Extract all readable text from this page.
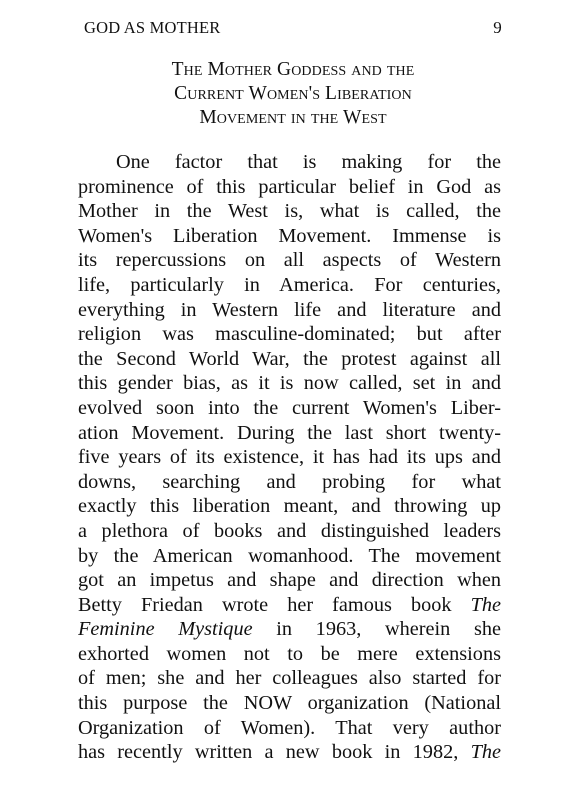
GOD AS MOTHER	9
The Mother Goddess and the
Current Women's Liberation
Movement in the West
One factor that is making for the
prominence of this particular belief in God as
Mother in the West is, what is called, the
Women's Liberation Movement. Immense is
its repercussions on all aspects of Western
life, particularly in America. For centuries,
everything in Western life and literature and
religion was masculine-dominated; but after
the Second World War, the protest against all
this gender bias, as it is now called, set in and
evolved soon into the current Women's Liber-
ation Movement. During the last short twenty-
five years of its existence, it has had its ups and
downs, searching and probing for what
exactly this liberation meant, and throwing up
a plethora of books and distinguished leaders
by the American womanhood. The movement
got an impetus and shape and direction when
Betty Friedan wrote her famous book The
Feminine Mystique in 1963, wherein she
exhorted women not to be mere extensions
of men; she and her colleagues also started for
this purpose the NOW organization (National
Organization of Women). That very author
has recently written a new book in 1982, The
